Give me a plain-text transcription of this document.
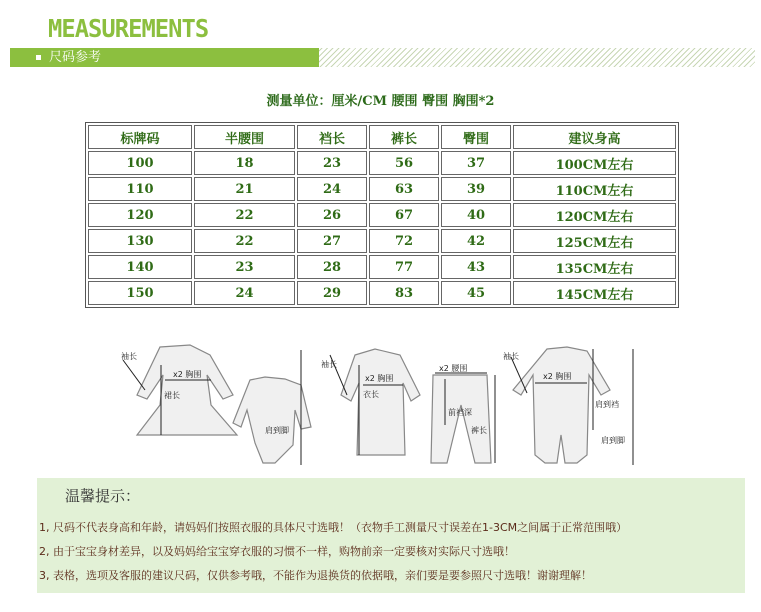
MEASUREMENTS
尺码参考
测量单位：厘米/CM 腰围 臀围 胸围*2
标牌码	半腰围	裆长	裤长	臀围	建议身高
100	18	23	56	37	100CM左右
110	21	24	63	39	110CM左右
120	22	26	67	40	120CM左右
130	22	27	72	42	125CM左右
140	23	28	77	43	135CM左右
150	24	29	83	45	145CM左右
袖长
x2 胸围
裙长
肩到脚
袖长
x2 胸围
衣长
x2 腰围
前裆深
裤长
袖长
x2 胸围
肩到裆
肩到脚
温馨提示：
1, 尺码不代表身高和年龄，请妈妈们按照衣服的具体尺寸选哦！（衣物手工测量尺寸误差在1-3CM之间属于正常范围哦）
2, 由于宝宝身材差异，以及妈妈给宝宝穿衣服的习惯不一样，购物前亲一定要核对实际尺寸选哦！
3, 表格，选项及客服的建议尺码，仅供参考哦，不能作为退换货的依据哦，亲们要是要参照尺寸选哦！谢谢理解！
